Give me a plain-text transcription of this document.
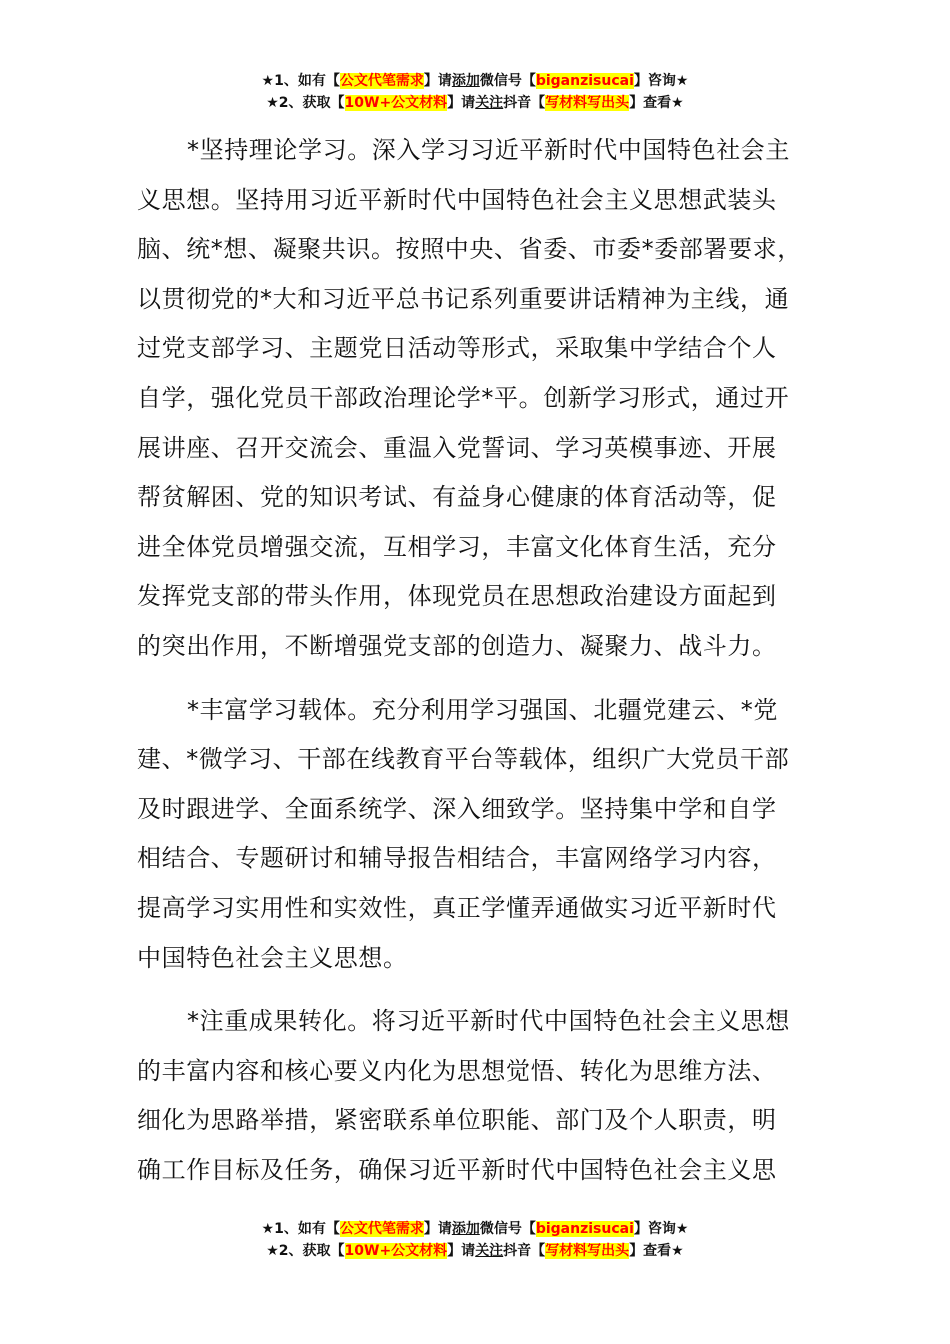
★1、如有【公文代笔需求】请添加微信号【biganzisucai】咨询★
★2、获取【10W+公文材料】请关注抖音【写材料写出头】查看★
*坚持理论学习。深入学习习近平新时代中国特色社会主
义思想。坚持用习近平新时代中国特色社会主义思想武装头
脑、统*想、凝聚共识。按照中央、省委、市委*委部署要求，
以贯彻党的*大和习近平总书记系列重要讲话精神为主线，通
过党支部学习、主题党日活动等形式，采取集中学结合个人
自学，强化党员干部政治理论学*平。创新学习形式，通过开
展讲座、召开交流会、重温入党誓词、学习英模事迹、开展
帮贫解困、党的知识考试、有益身心健康的体育活动等，促
进全体党员增强交流，互相学习，丰富文化体育生活，充分
发挥党支部的带头作用，体现党员在思想政治建设方面起到
的突出作用，不断增强党支部的创造力、凝聚力、战斗力。
*丰富学习载体。充分利用学习强国、北疆党建云、*党
建、*微学习、干部在线教育平台等载体，组织广大党员干部
及时跟进学、全面系统学、深入细致学。坚持集中学和自学
相结合、专题研讨和辅导报告相结合，丰富网络学习内容，
提高学习实用性和实效性，真正学懂弄通做实习近平新时代
中国特色社会主义思想。
*注重成果转化。将习近平新时代中国特色社会主义思想
的丰富内容和核心要义内化为思想觉悟、转化为思维方法、
细化为思路举措，紧密联系单位职能、部门及个人职责，明
确工作目标及任务，确保习近平新时代中国特色社会主义思
★1、如有【公文代笔需求】请添加微信号【biganzisucai】咨询★
★2、获取【10W+公文材料】请关注抖音【写材料写出头】查看★
